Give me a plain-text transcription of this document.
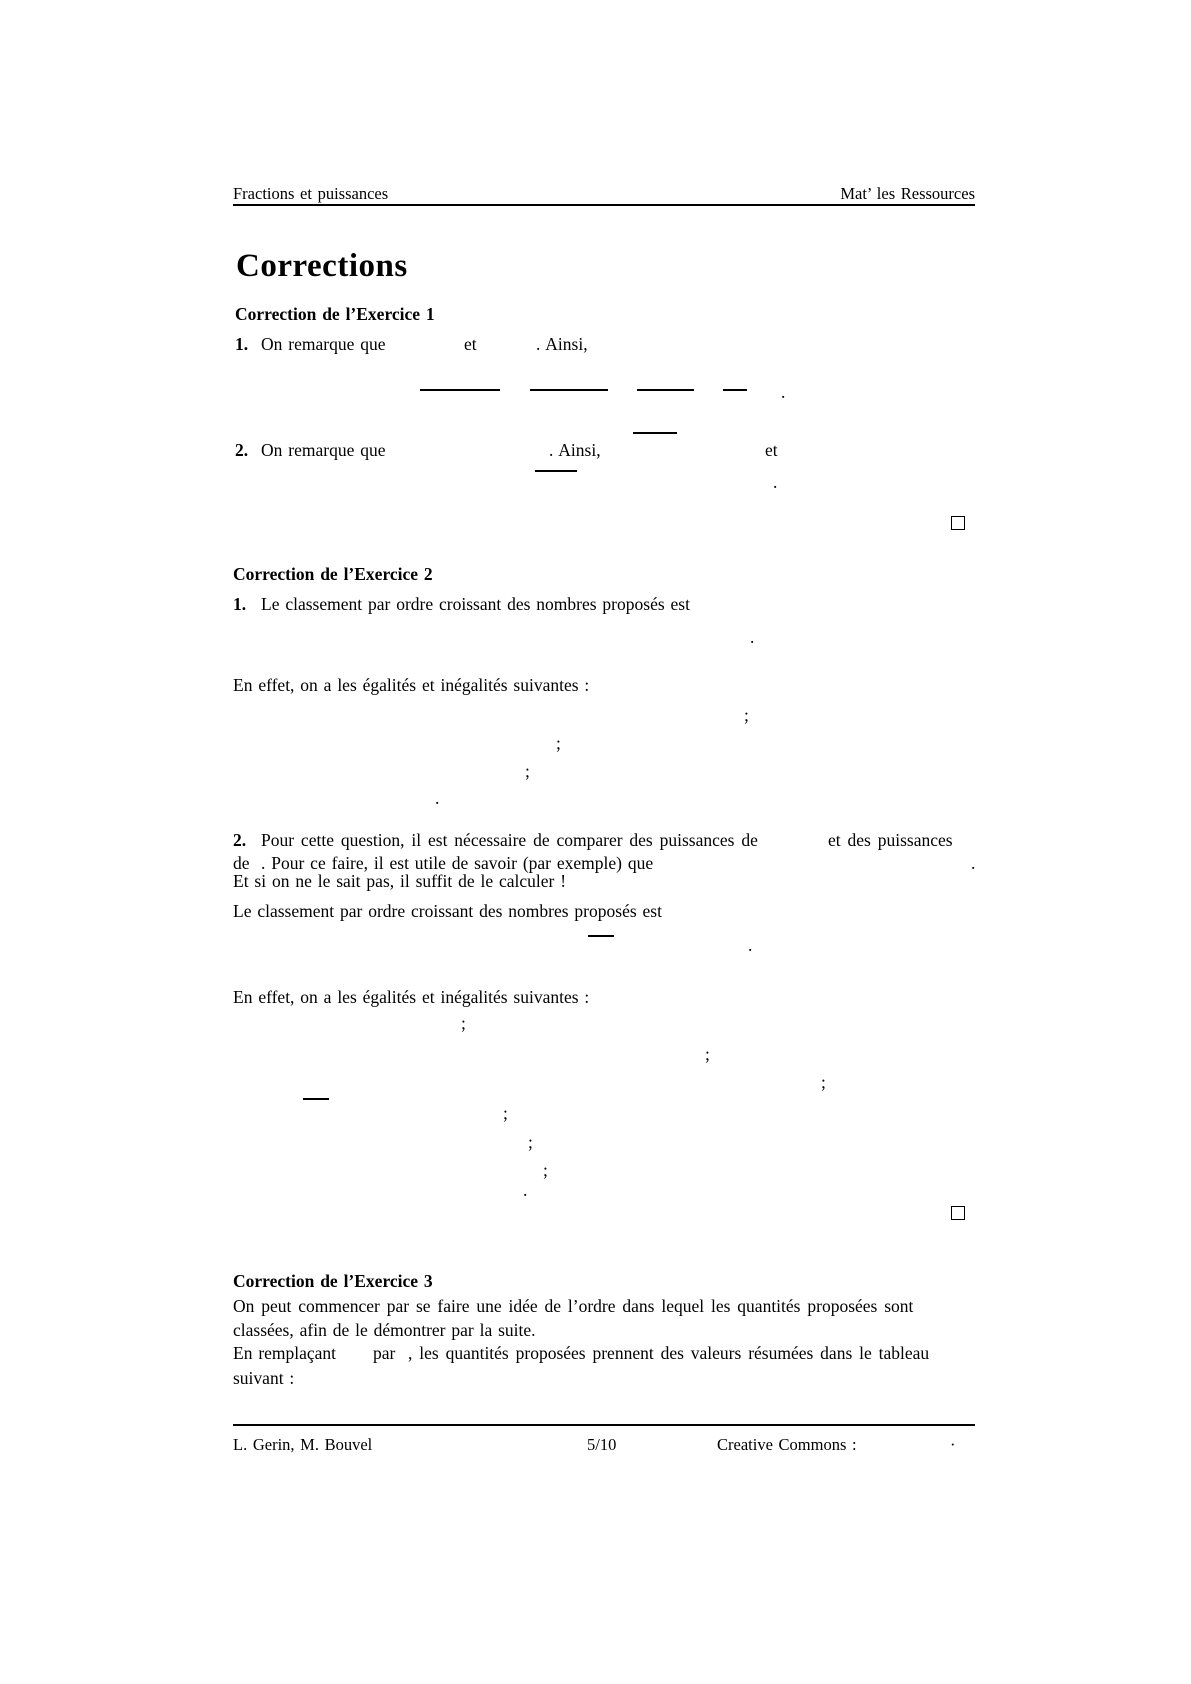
Fractions et puissances	Mat’ les Ressources
Corrections
Correction de l’Exercice 1
1. On remarque que	et	. Ainsi,
.
2. On remarque que	. Ainsi,	et
.
Correction de l’Exercice 2
1. Le classement par ordre croissant des nombres proposés est
.
En effet, on a les égalités et inégalités suivantes :
;
;
;
.
2. Pour cette question, il est nécessaire de comparer des puissances de	et des puissances
de . Pour ce faire, il est utile de savoir (par exemple) que	.
Et si on ne le sait pas, il suffit de le calculer !
Le classement par ordre croissant des nombres proposés est
.
En effet, on a les égalités et inégalités suivantes :
;
;
;
;
;
;
.
Correction de l’Exercice 3
On peut commencer par se faire une idée de l’ordre dans lequel les quantités proposées sont
classées, afin de le démontrer par la suite.
En remplaçant par , les quantités proposées prennent des valeurs résumées dans le tableau
suivant :
L. Gerin, M. Bouvel	5/10	Creative Commons :	·
